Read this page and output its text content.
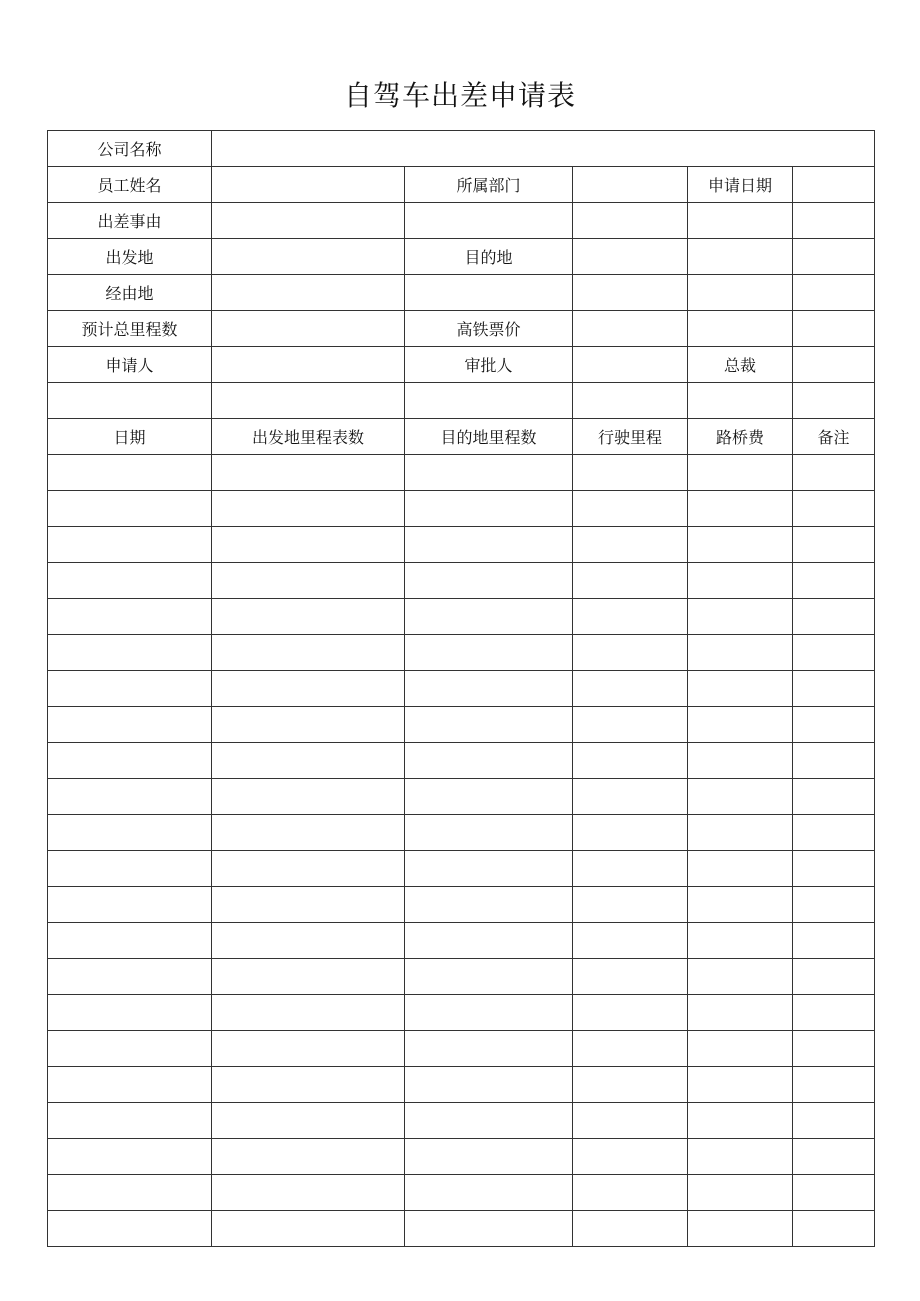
自驾车出差申请表
公司名称					
员工姓名		所属部门		申请日期	
出差事由					
出发地		目的地			
经由地					
预计总里程数		高铁票价			
申请人		审批人		总裁	

日期	出发地里程表数	目的地里程数	行驶里程	路桥费	备注
